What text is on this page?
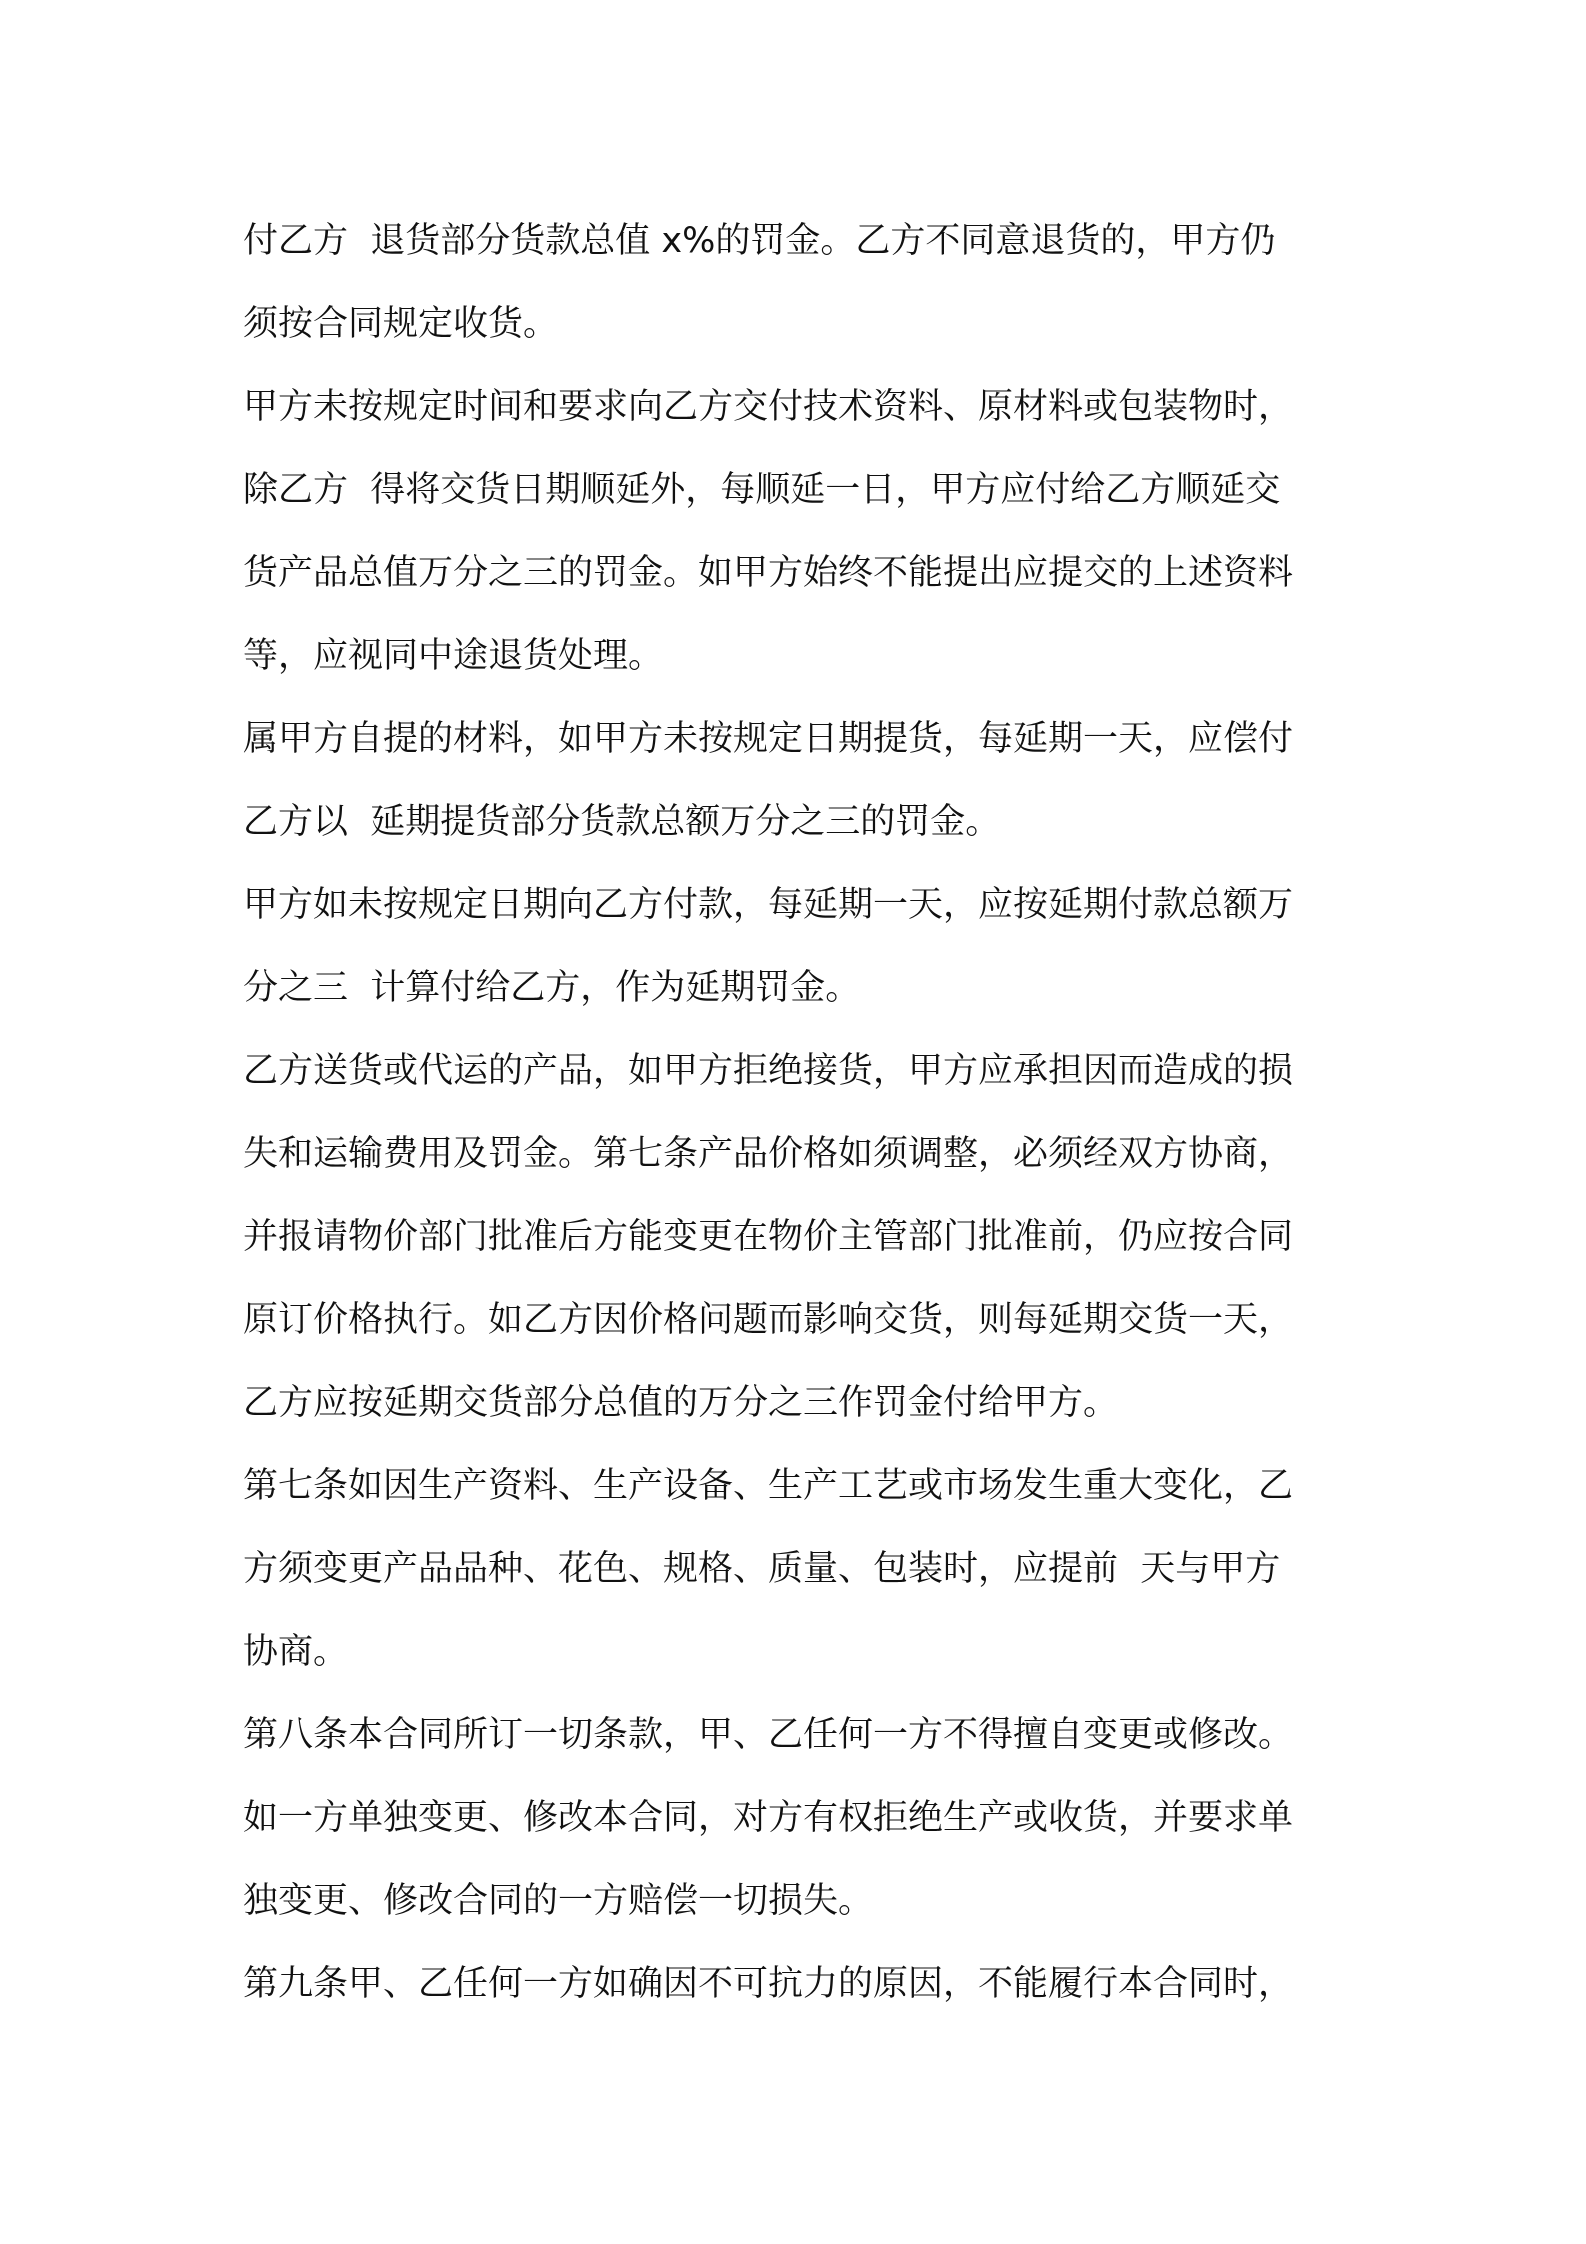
付乙方  退货部分货款总值 x%的罚金。乙方不同意退货的，甲方仍
须按合同规定收货。
甲方未按规定时间和要求向乙方交付技术资料、原材料或包装物时，
除乙方  得将交货日期顺延外，每顺延一日，甲方应付给乙方顺延交
货产品总值万分之三的罚金。如甲方始终不能提出应提交的上述资料
等，应视同中途退货处理。
属甲方自提的材料，如甲方未按规定日期提货，每延期一天，应偿付
乙方以  延期提货部分货款总额万分之三的罚金。
甲方如未按规定日期向乙方付款，每延期一天，应按延期付款总额万
分之三  计算付给乙方，作为延期罚金。
乙方送货或代运的产品，如甲方拒绝接货，甲方应承担因而造成的损
失和运输费用及罚金。第七条产品价格如须调整，必须经双方协商，
并报请物价部门批准后方能变更在物价主管部门批准前，仍应按合同
原订价格执行。如乙方因价格问题而影响交货，则每延期交货一天，
乙方应按延期交货部分总值的万分之三作罚金付给甲方。
第七条如因生产资料、生产设备、生产工艺或市场发生重大变化，乙
方须变更产品品种、花色、规格、质量、包装时，应提前  天与甲方
协商。
第八条本合同所订一切条款，甲、乙任何一方不得擅自变更或修改。
如一方单独变更、修改本合同，对方有权拒绝生产或收货，并要求单
独变更、修改合同的一方赔偿一切损失。
第九条甲、乙任何一方如确因不可抗力的原因，不能履行本合同时，
